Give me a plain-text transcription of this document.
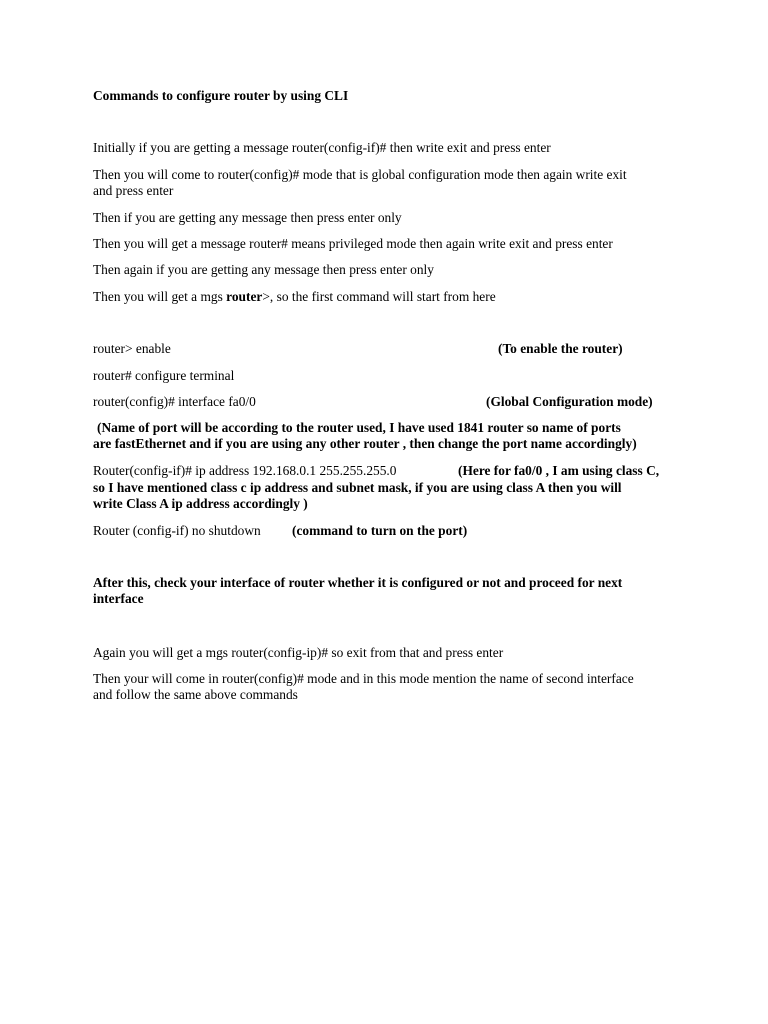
Commands to configure router by using CLI
Initially if you are getting a message router(config-if)# then write exit and press enter
Then you will come to router(config)# mode that is global configuration mode then again write exit
and press enter
Then if you are getting any message then press enter only
Then you will get a message router# means privileged mode then again write exit and press enter
Then again if you are getting any message then press enter only
Then you will get a mgs router>, so the first command will start from here
router> enable	(To enable the router)
router# configure terminal
router(config)# interface fa0/0	(Global Configuration mode)
(Name of port will be according to the router used, I have used 1841 router so name of ports
are fastEthernet and if you are using any other router , then change the port name accordingly)
Router(config-if)# ip address 192.168.0.1 255.255.255.0	(Here for fa0/0 , I am using class C,
so I have mentioned class c ip address and subnet mask, if you are using class A then you will
write Class A ip address accordingly )
Router (config-if) no shutdown (command to turn on the port)
After this, check your interface of router whether it is configured or not and proceed for next
interface
Again you will get a mgs router(config-ip)# so exit from that and press enter
Then your will come in router(config)# mode and in this mode mention the name of second interface
and follow the same above commands
